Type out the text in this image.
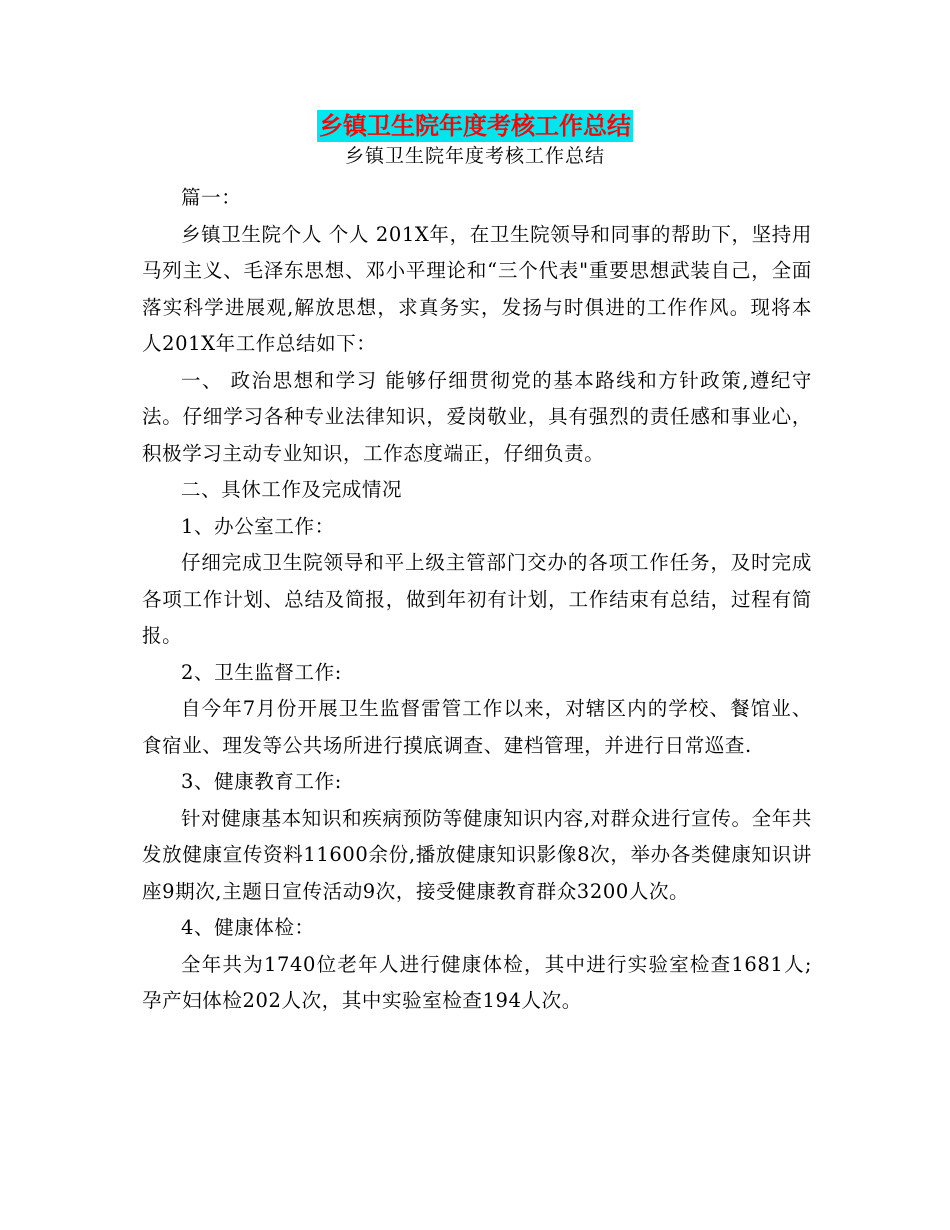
乡镇卫生院年度考核工作总结
乡镇卫生院年度考核工作总结

篇一：

乡镇卫生院个人 个人 201X年，在卫生院领导和同事的帮助下，坚持用马列主义、毛泽东思想、邓小平理论和“三个代表"重要思想武装自己，全面落实科学进展观,解放思想，求真务实，发扬与时俱进的工作作风。现将本人201X年工作总结如下：

一、 政治思想和学习 能够仔细贯彻党的基本路线和方针政策,遵纪守法。仔细学习各种专业法律知识，爱岗敬业，具有强烈的责任感和事业心，积极学习主动专业知识，工作态度端正，仔细负责。

二、具休工作及完成情况

1、办公室工作：

仔细完成卫生院领导和平上级主管部门交办的各项工作任务，及时完成各项工作计划、总结及简报，做到年初有计划，工作结束有总结，过程有简报。

2、卫生监督工作:

自今年7月份开展卫生监督雷管工作以来，对辖区内的学校、餐馆业、食宿业、理发等公共场所进行摸底调查、建档管理，并进行日常巡查.

3、健康教育工作:

针对健康基本知识和疾病预防等健康知识内容,对群众进行宣传。全年共发放健康宣传资料11600余份,播放健康知识影像8次，举办各类健康知识讲座9期次,主题日宣传活动9次，接受健康教育群众3200人次。

4、健康体检：

全年共为1740位老年人进行健康体检，其中进行实验室检查1681人;孕产妇体检202人次，其中实验室检查194人次。
